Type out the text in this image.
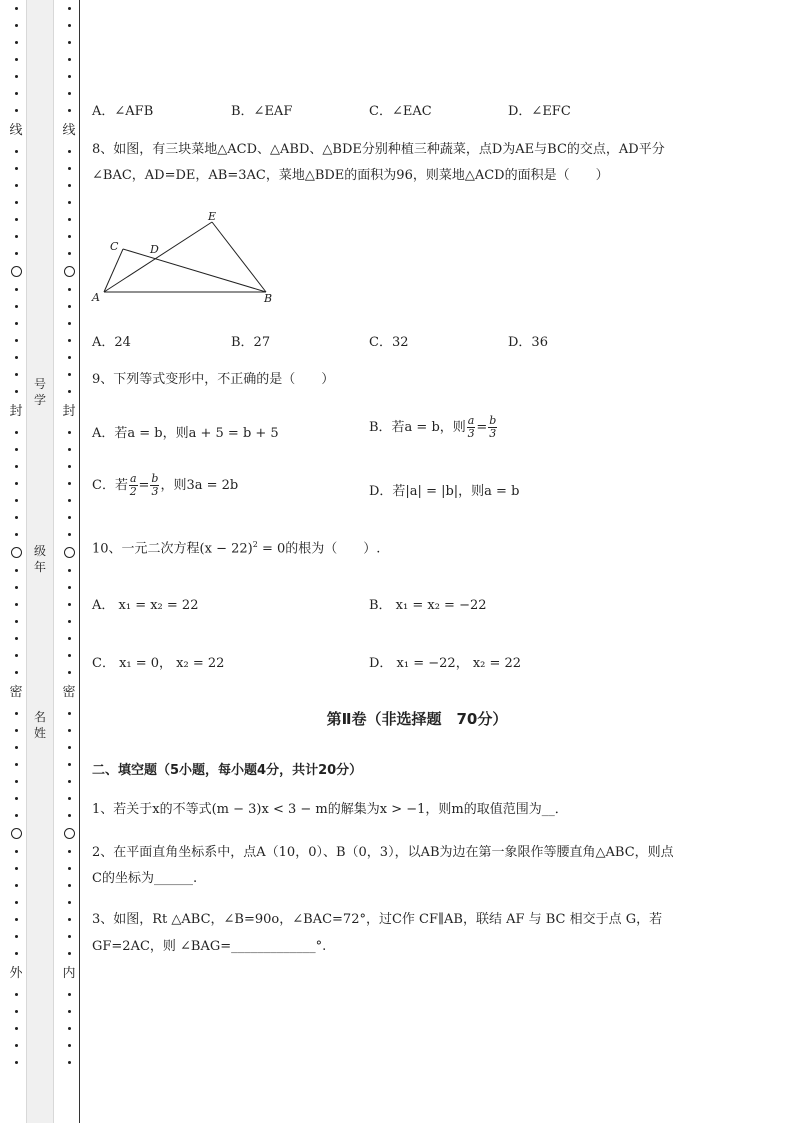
号
学
级
年
名
姓
线
封
密
外
线
封
密
内
A．∠AFB	B．∠EAF	C．∠EAC	D．∠EFC
8、如图，有三块菜地△ACD、△ABD、△BDE分别种植三种蔬菜，点D为AE与BC的交点，AD平分
∠BAC，AD=DE，AB=3AC，菜地△BDE的面积为96，则菜地△ACD的面积是（　　）
A	B
C	D
E
A．24	B．27	C．32	D．36
9、下列等式变形中，不正确的是（　　）
A．若a = b，则a + 5 = b + 5	B．若a = b，则 $\frac{a}{3} = \frac{b}{3}$
C．若 $\frac{a}{2} = \frac{b}{3}$ ，则3a = 2b	D．若|a| = |b|，则a = b
10、一元二次方程$(x - 22)^2 = 0$的根为（　　）.
A． x₁ = x₂ = 22	B． x₁ = x₂ = −22
C． x₁ = 0， x₂ = 22	D． x₁ = −22， x₂ = 22
第Ⅱ卷（非选择题　70分）
二、填空题（5小题，每小题4分，共计20分）
1、若关于x的不等式(m − 3)x < 3 − m的解集为x > −1，则m的取值范围为__．
2、在平面直角坐标系中，点A（10，0）、B（0，3），以AB为边在第一象限作等腰直角△ABC，则点
C的坐标为______.
3、如图，Rt △ABC，∠B=90o，∠BAC=72°，过C作 CF∥AB，联结 AF 与 BC 相交于点 G，若
GF=2AC，则 ∠BAG=_____________°.
